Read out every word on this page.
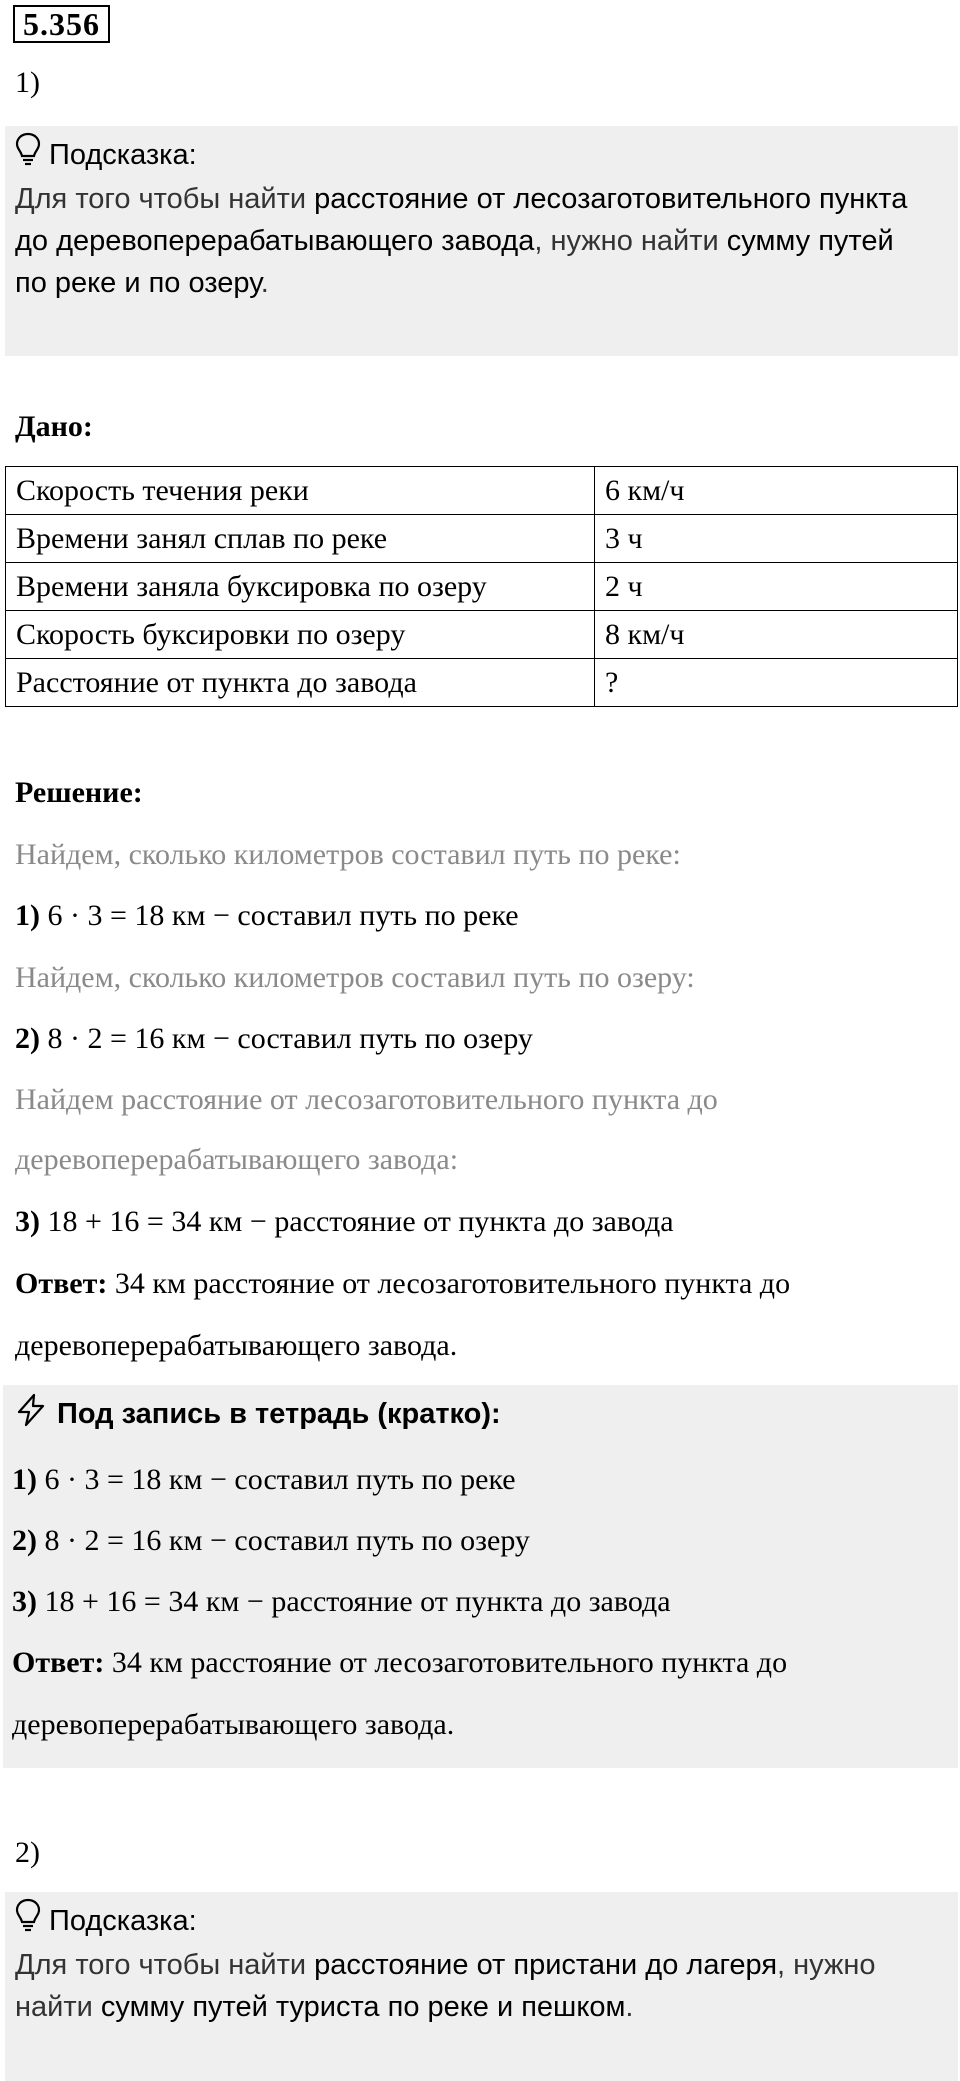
5.356
1)
Подсказка:
Для того чтобы найти расстояние от лесозаготовительного пункта до деревоперерабатывающего завода, нужно найти сумму путей по реке и по озеру.
Дано:
Скорость течения реки	6 км/ч
Времени занял сплав по реке	3 ч
Времени заняла буксировка по озеру	2 ч
Скорость буксировки по озеру	8 км/ч
Расстояние от пункта до завода	?
Решение:
Найдем, сколько километров составил путь по реке:
1) 6 · 3 = 18 км − составил путь по реке
Найдем, сколько километров составил путь по озеру:
2) 8 · 2 = 16 км − составил путь по озеру
Найдем расстояние от лесозаготовительного пункта до
деревоперерабатывающего завода:
3) 18 + 16 = 34 км − расстояние от пункта до завода
Ответ: 34 км расстояние от лесозаготовительного пункта до
деревоперерабатывающего завода.
Под запись в тетрадь (кратко):
1) 6 · 3 = 18 км − составил путь по реке
2) 8 · 2 = 16 км − составил путь по озеру
3) 18 + 16 = 34 км − расстояние от пункта до завода
Ответ: 34 км расстояние от лесозаготовительного пункта до
деревоперерабатывающего завода.
2)
Подсказка:
Для того чтобы найти расстояние от пристани до лагеря, нужно найти сумму путей туриста по реке и пешком.
